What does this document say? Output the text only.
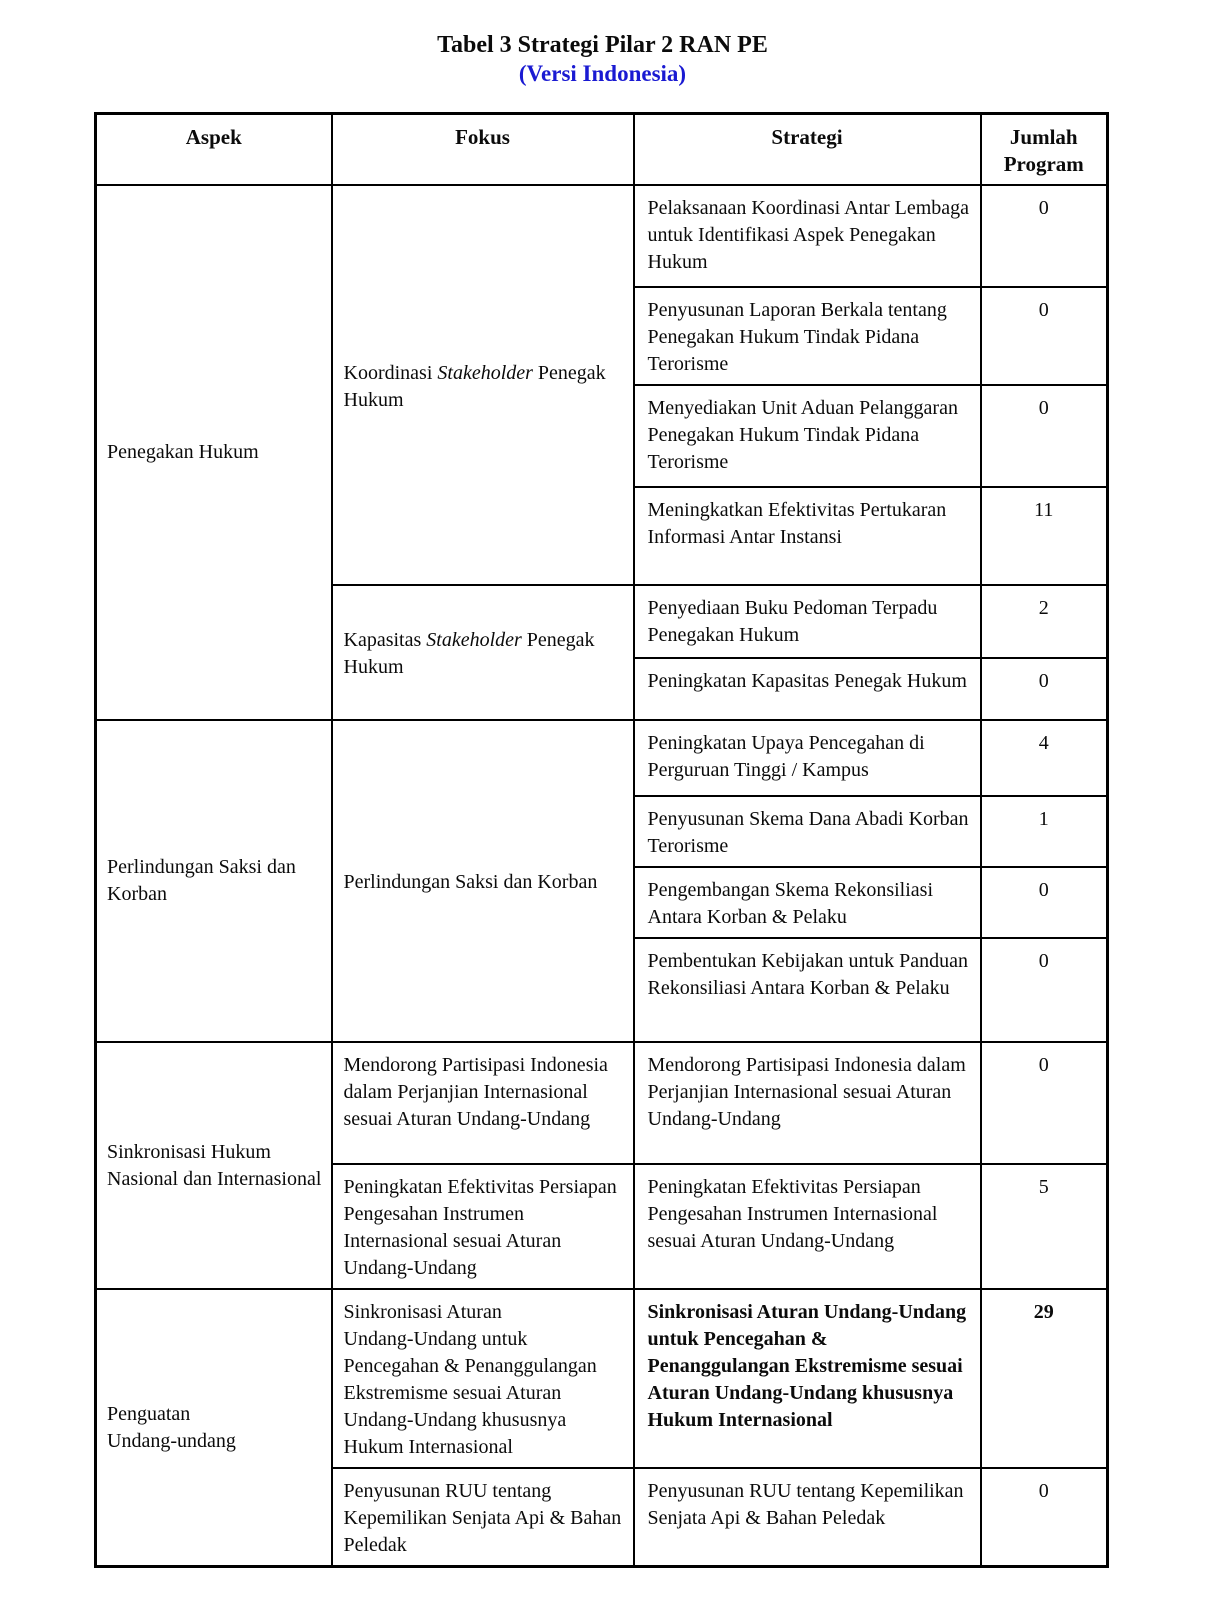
Tabel 3 Strategi Pilar 2 RAN PE
(Versi Indonesia)
Aspek	Fokus	Strategi	Jumlah Program
Penegakan Hukum	Koordinasi Stakeholder Penegak Hukum	Pelaksanaan Koordinasi Antar Lembaga untuk Identifikasi Aspek Penegakan Hukum	0
		Penyusunan Laporan Berkala tentang Penegakan Hukum Tindak Pidana Terorisme	0
		Menyediakan Unit Aduan Pelanggaran Penegakan Hukum Tindak Pidana Terorisme	0
		Meningkatkan Efektivitas Pertukaran Informasi Antar Instansi	11
	Kapasitas Stakeholder Penegak Hukum	Penyediaan Buku Pedoman Terpadu Penegakan Hukum	2
		Peningkatan Kapasitas Penegak Hukum	0
Perlindungan Saksi dan Korban	Perlindungan Saksi dan Korban	Peningkatan Upaya Pencegahan di Perguruan Tinggi / Kampus	4
		Penyusunan Skema Dana Abadi Korban Terorisme	1
		Pengembangan Skema Rekonsiliasi Antara Korban & Pelaku	0
		Pembentukan Kebijakan untuk Panduan Rekonsiliasi Antara Korban & Pelaku	0
Sinkronisasi Hukum Nasional dan Internasional	Mendorong Partisipasi Indonesia dalam Perjanjian Internasional sesuai Aturan Undang‑Undang	Mendorong Partisipasi Indonesia dalam Perjanjian Internasional sesuai Aturan Undang‑Undang	0
	Peningkatan Efektivitas Persiapan Pengesahan Instrumen Internasional sesuai Aturan Undang‑Undang	Peningkatan Efektivitas Persiapan Pengesahan Instrumen Internasional sesuai Aturan Undang‑Undang	5
Penguatan Undang‑undang	Sinkronisasi Aturan Undang‑Undang untuk Pencegahan & Penanggulangan Ekstremisme sesuai Aturan Undang‑Undang khususnya Hukum Internasional	Sinkronisasi Aturan Undang‑Undang untuk Pencegahan & Penanggulangan Ekstremisme sesuai Aturan Undang‑Undang khususnya Hukum Internasional	29
	Penyusunan RUU tentang Kepemilikan Senjata Api & Bahan Peledak	Penyusunan RUU tentang Kepemilikan Senjata Api & Bahan Peledak	0
